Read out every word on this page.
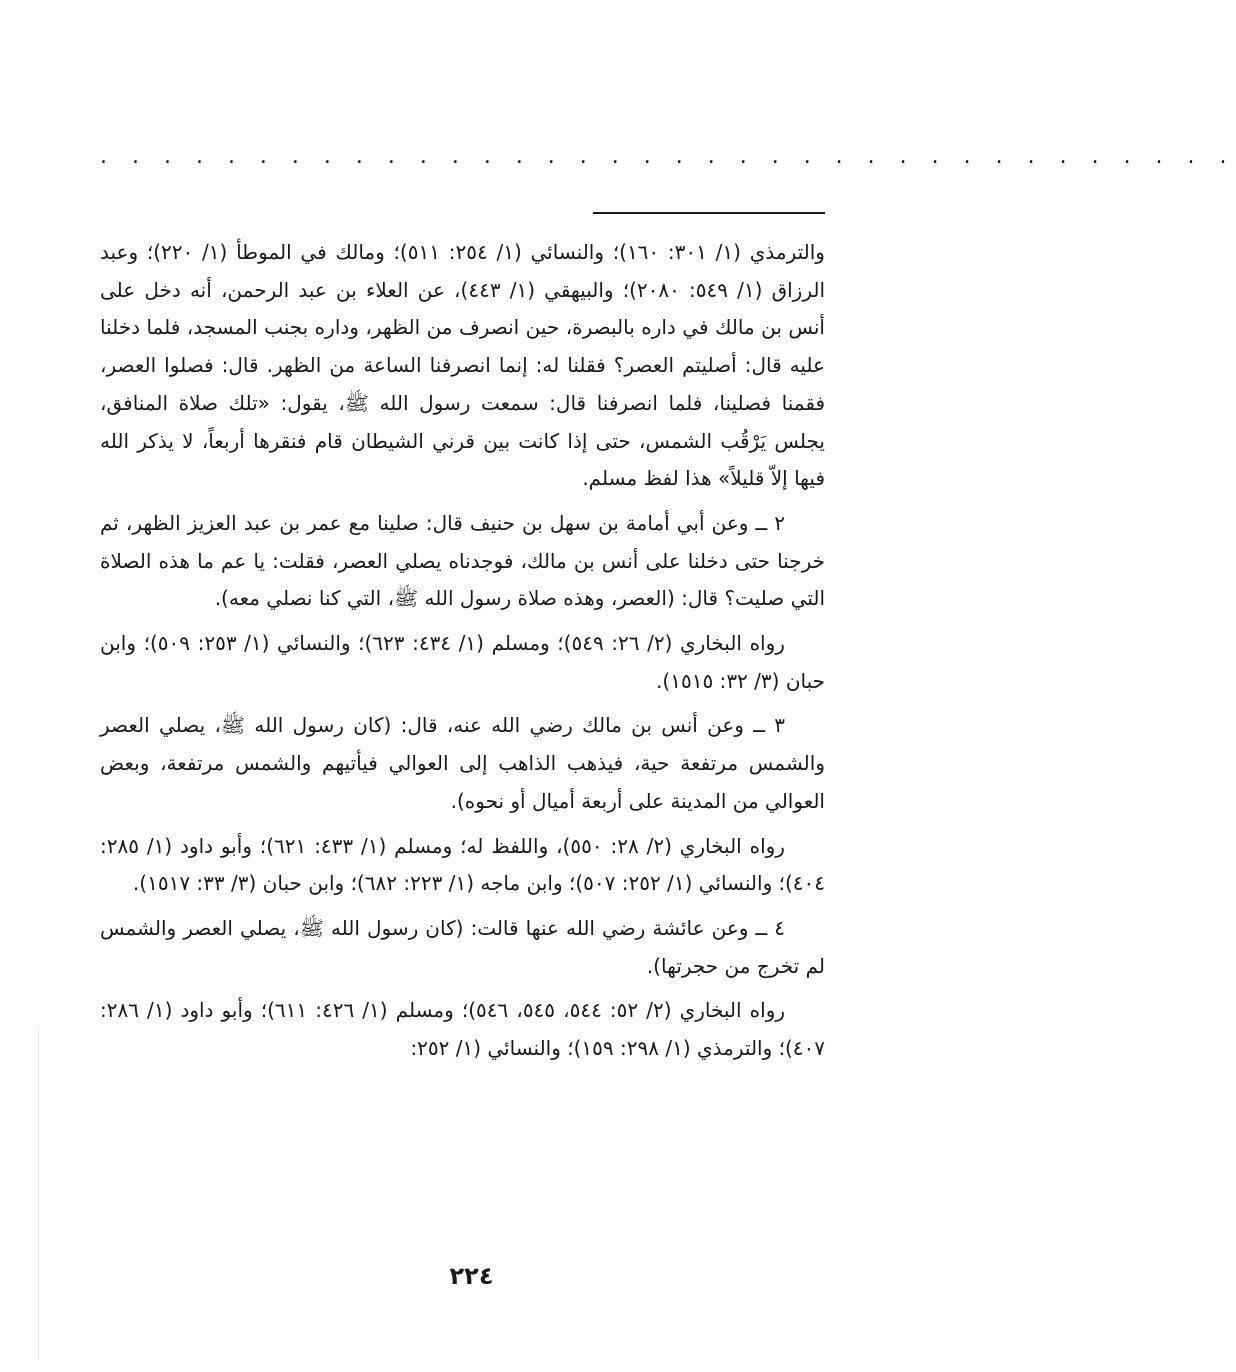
. . . . . . . . . . . . . . . . . . . . . . . . . . . . . . . . . . . .

والترمذي (١/ ٣٠١: ١٦٠)؛ والنسائي (١/ ٢٥٤: ٥١١)؛ ومالك في الموطأ (١/ ٢٢٠)؛ وعبد الرزاق (١/ ٥٤٩: ٢٠٨٠)؛ والبيهقي (١/ ٤٤٣)، عن العلاء بن عبد الرحمن، أنه دخل على أنس بن مالك في داره بالبصرة، حين انصرف من الظهر، وداره بجنب المسجد، فلما دخلنا عليه قال: أصليتم العصر؟ فقلنا له: إنما انصرفنا الساعة من الظهر. قال: فصلوا العصر، فقمنا فصلينا، فلما انصرفنا قال: سمعت رسول الله ﷺ، يقول: «تلك صلاة المنافق، يجلس يَرْقُب الشمس، حتى إذا كانت بين قرني الشيطان قام فنقرها أربعاً، لا يذكر الله فيها إلاّ قليلاً» هذا لفظ مسلم.

٢ ــ وعن أبي أمامة بن سهل بن حنيف قال: صلينا مع عمر بن عبد العزيز الظهر، ثم خرجنا حتى دخلنا على أنس بن مالك، فوجدناه يصلي العصر، فقلت: يا عم ما هذه الصلاة التي صليت؟ قال: (العصر، وهذه صلاة رسول الله ﷺ، التي كنا نصلي معه).

رواه البخاري (٢/ ٢٦: ٥٤٩)؛ ومسلم (١/ ٤٣٤: ٦٢٣)؛ والنسائي (١/ ٢٥٣: ٥٠٩)؛ وابن حبان (٣/ ٣٢: ١٥١٥).

٣ ــ وعن أنس بن مالك رضي الله عنه، قال: (كان رسول الله ﷺ، يصلي العصر والشمس مرتفعة حية، فيذهب الذاهب إلى العوالي فيأتيهم والشمس مرتفعة، وبعض العوالي من المدينة على أربعة أميال أو نحوه).

رواه البخاري (٢/ ٢٨: ٥٥٠)، واللفظ له؛ ومسلم (١/ ٤٣٣: ٦٢١)؛ وأبو داود (١/ ٢٨٥: ٤٠٤)؛ والنسائي (١/ ٢٥٢: ٥٠٧)؛ وابن ماجه (١/ ٢٢٣: ٦٨٢)؛ وابن حبان (٣/ ٣٣: ١٥١٧).

٤ ــ وعن عائشة رضي الله عنها قالت: (كان رسول الله ﷺ، يصلي العصر والشمس لم تخرج من حجرتها).

رواه البخاري (٢/ ٥٢: ٥٤٤، ٥٤٥، ٥٤٦)؛ ومسلم (١/ ٤٢٦: ٦١١)؛ وأبو داود (١/ ٢٨٦: ٤٠٧)؛ والترمذي (١/ ٢٩٨: ١٥٩)؛ والنسائي (١/ ٢٥٢:

٢٢٤
